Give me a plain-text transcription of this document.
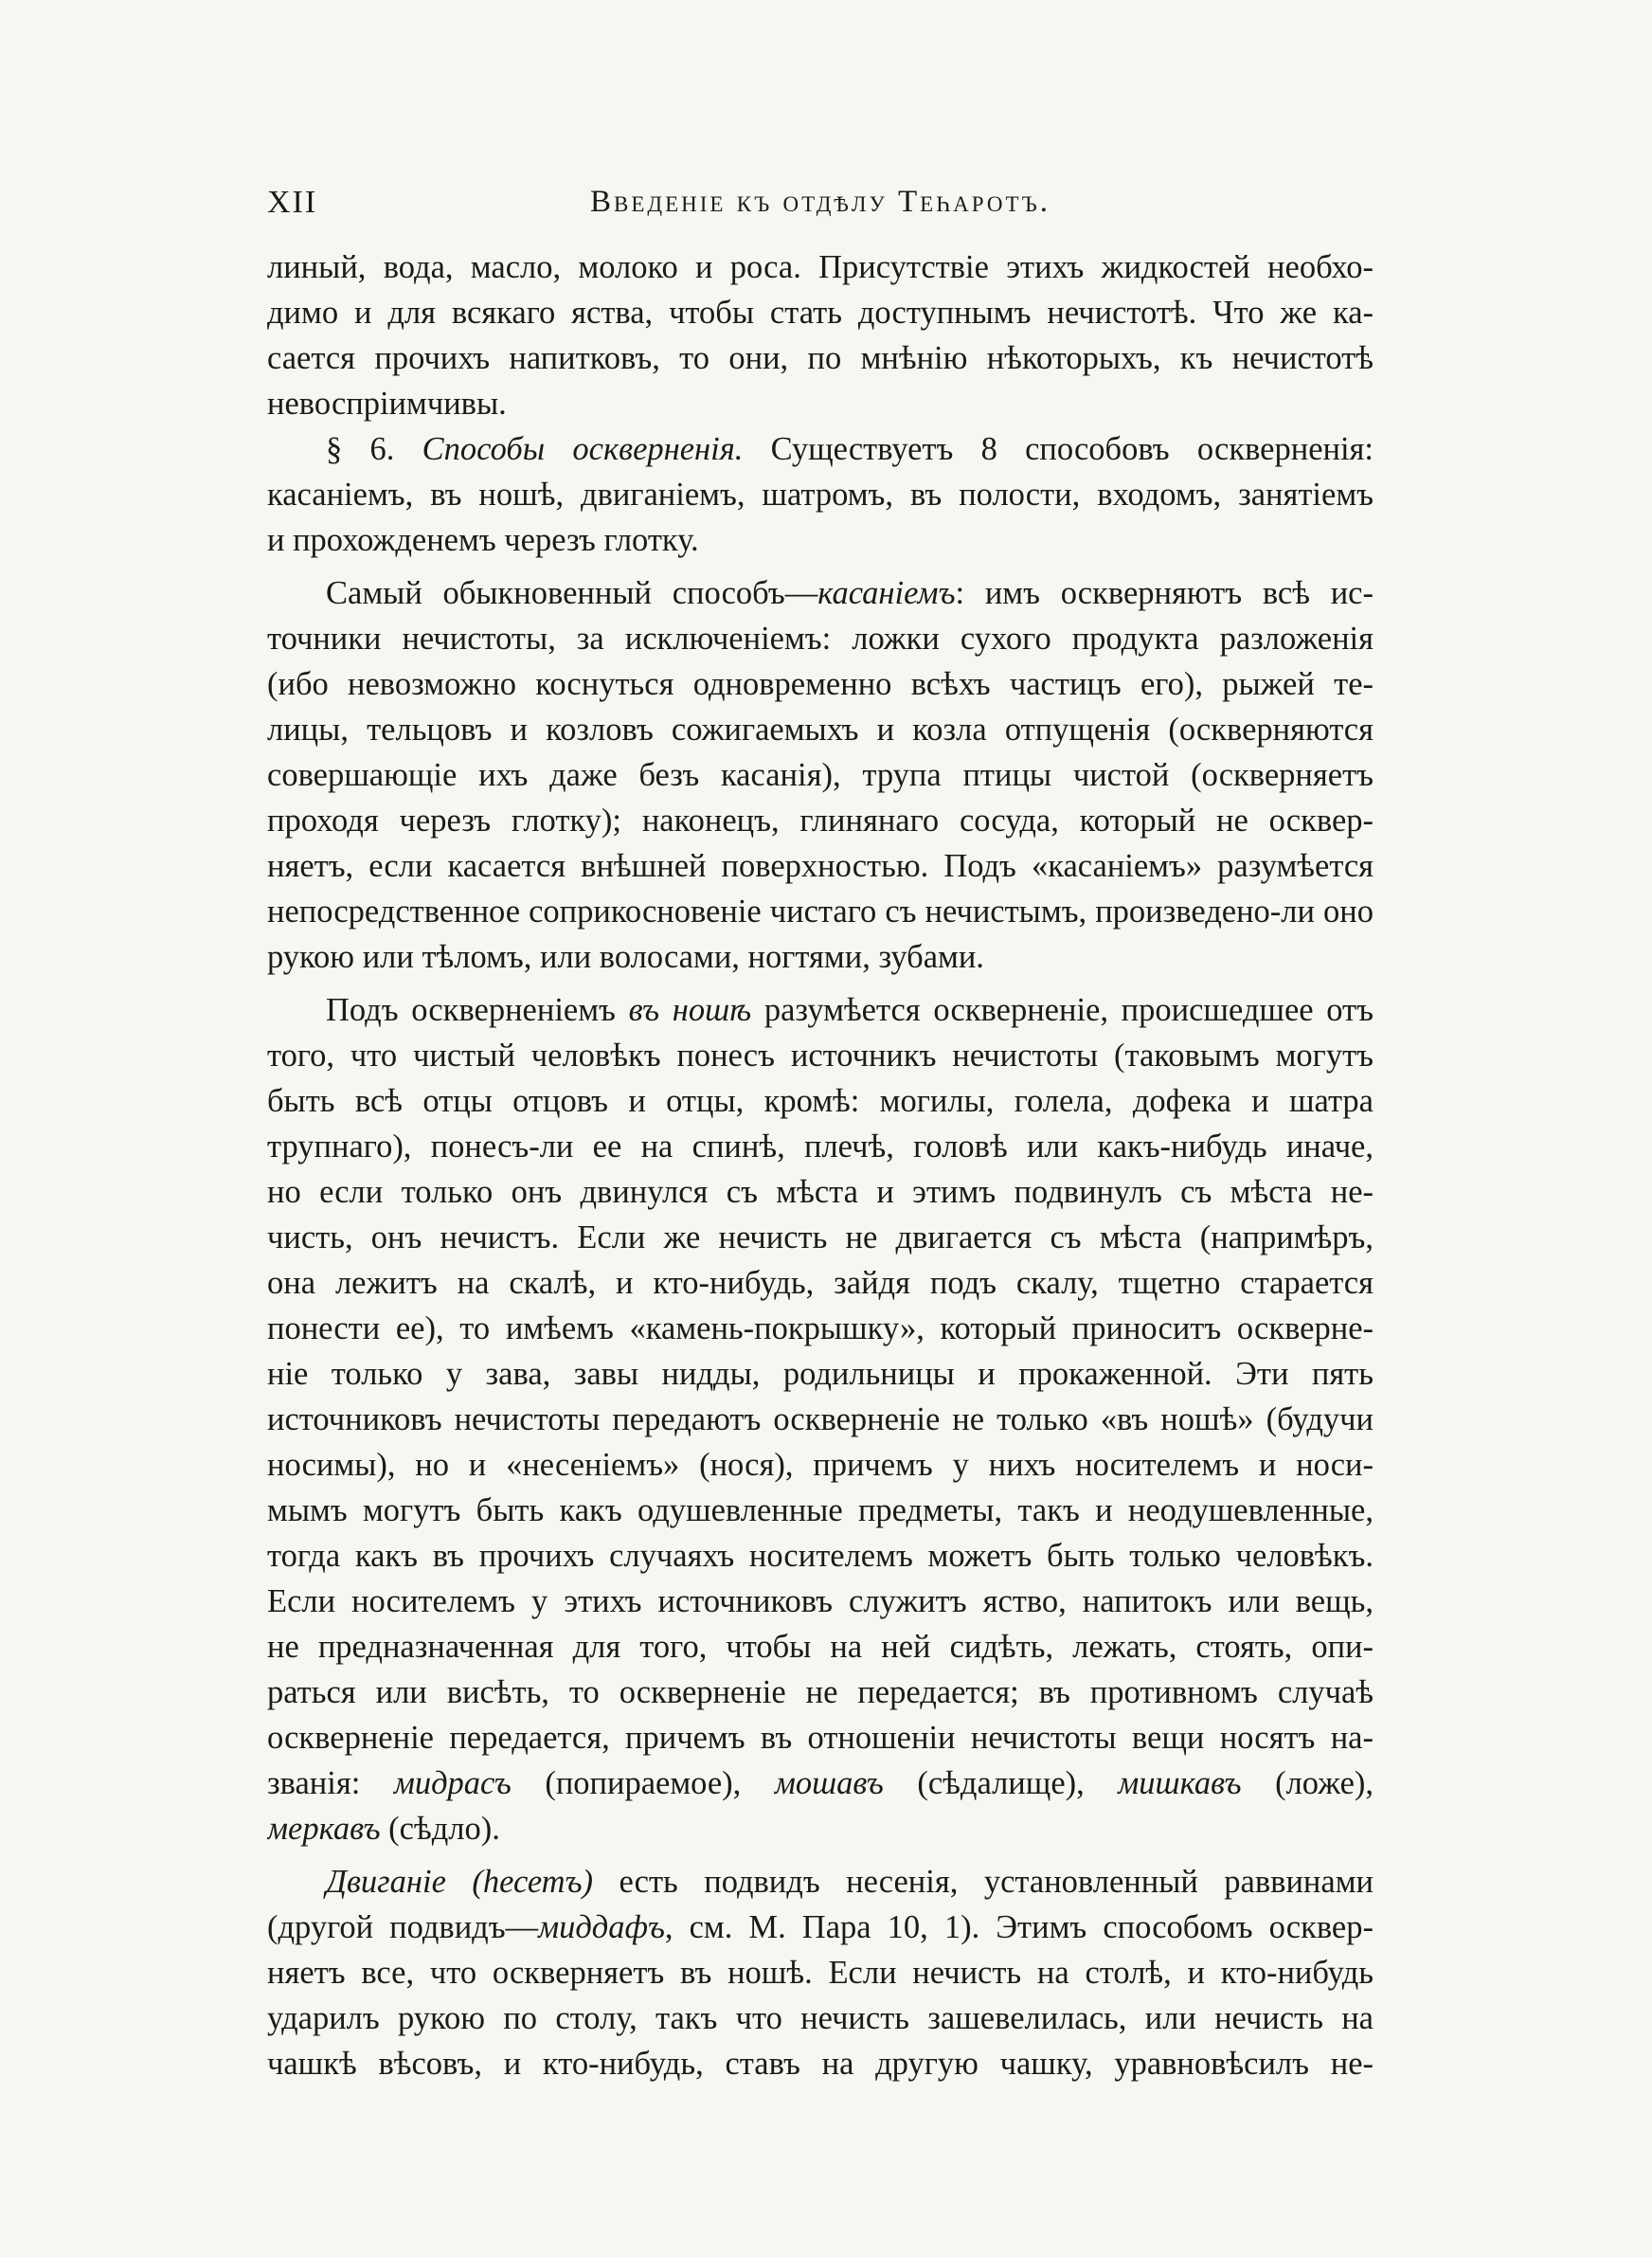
XII	Введеніе къ отдѣлу Теһаротъ.
линый, вода, масло, молоко и роса. Присутствіе этихъ жидкостей необхо-
димо и для всякаго яства, чтобы стать доступнымъ нечистотѣ. Что же ка-
сается прочихъ напитковъ, то они, по мнѣнію нѣкоторыхъ, къ нечистотѣ
невоспріимчивы.
§ 6. Способы оскверненія. Существуетъ 8 способовъ оскверненія:
касаніемъ, въ ношѣ, двиганіемъ, шатромъ, въ полости, входомъ, занятіемъ
и прохожденемъ черезъ глотку.
Самый обыкновенный способъ—касаніемъ: имъ оскверняютъ всѣ ис-
точники нечистоты, за исключеніемъ: ложки сухого продукта разложенія
(ибо невозможно коснуться одновременно всѣхъ частицъ его), рыжей те-
лицы, тельцовъ и козловъ сожигаемыхъ и козла отпущенія (оскверняются
совершающіе ихъ даже безъ касанія), трупа птицы чистой (оскверняетъ
проходя черезъ глотку); наконецъ, глинянаго сосуда, который не осквер-
няетъ, если касается внѣшней поверхностью. Подъ «касаніемъ» разумѣется
непосредственное соприкосновеніе чистаго съ нечистымъ, произведено-ли оно
рукою или тѣломъ, или волосами, ногтями, зубами.
Подъ оскверненіемъ въ ношѣ разумѣется оскверненіе, происшедшее отъ
того, что чистый человѣкъ понесъ источникъ нечистоты (таковымъ могутъ
быть всѣ отцы отцовъ и отцы, кромѣ: могилы, голела, дофека и шатра
трупнаго), понесъ-ли ее на спинѣ, плечѣ, головѣ или какъ-нибудь иначе,
но если только онъ двинулся съ мѣста и этимъ подвинулъ съ мѣста не-
чисть, онъ нечистъ. Если же нечисть не двигается съ мѣста (напримѣръ,
она лежитъ на скалѣ, и кто-нибудь, зайдя подъ скалу, тщетно старается
понести ее), то имѣемъ «камень-покрышку», который приноситъ осквернe-
ніе только у зава, завы нидды, родильницы и прокаженной. Эти пять
источниковъ нечистоты передаютъ оскверненіе не только «въ ношѣ» (будучи
носимы), но и «несеніемъ» (нося), причемъ у нихъ носителемъ и носи-
мымъ могутъ быть какъ одушевленные предметы, такъ и неодушевленные,
тогда какъ въ прочихъ случаяхъ носителемъ можетъ быть только человѣкъ.
Если носителемъ у этихъ источниковъ служитъ яство, напитокъ или вещь,
не предназначенная для того, чтобы на ней сидѣть, лежать, стоять, опи-
раться или висѣть, то оскверненіе не передается; въ противномъ случаѣ
оскверненіе передается, причемъ въ отношеніи нечистоты вещи носятъ на-
званія: мидрасъ (попираемое), мошавъ (сѣдалище), мишкавъ (ложе),
меркавъ (сѣдло).
Двиганіе (һесетъ) есть подвидъ несенія, установленный раввинами
(другой подвидъ—миддафъ, см. М. Пара 10, 1). Этимъ способомъ осквер-
няетъ все, что оскверняетъ въ ношѣ. Если нечисть на столѣ, и кто-нибудь
ударилъ рукою по столу, такъ что нечисть зашевелилась, или нечисть на
чашкѣ вѣсовъ, и кто-нибудь, ставъ на другую чашку, уравновѣсилъ не-
